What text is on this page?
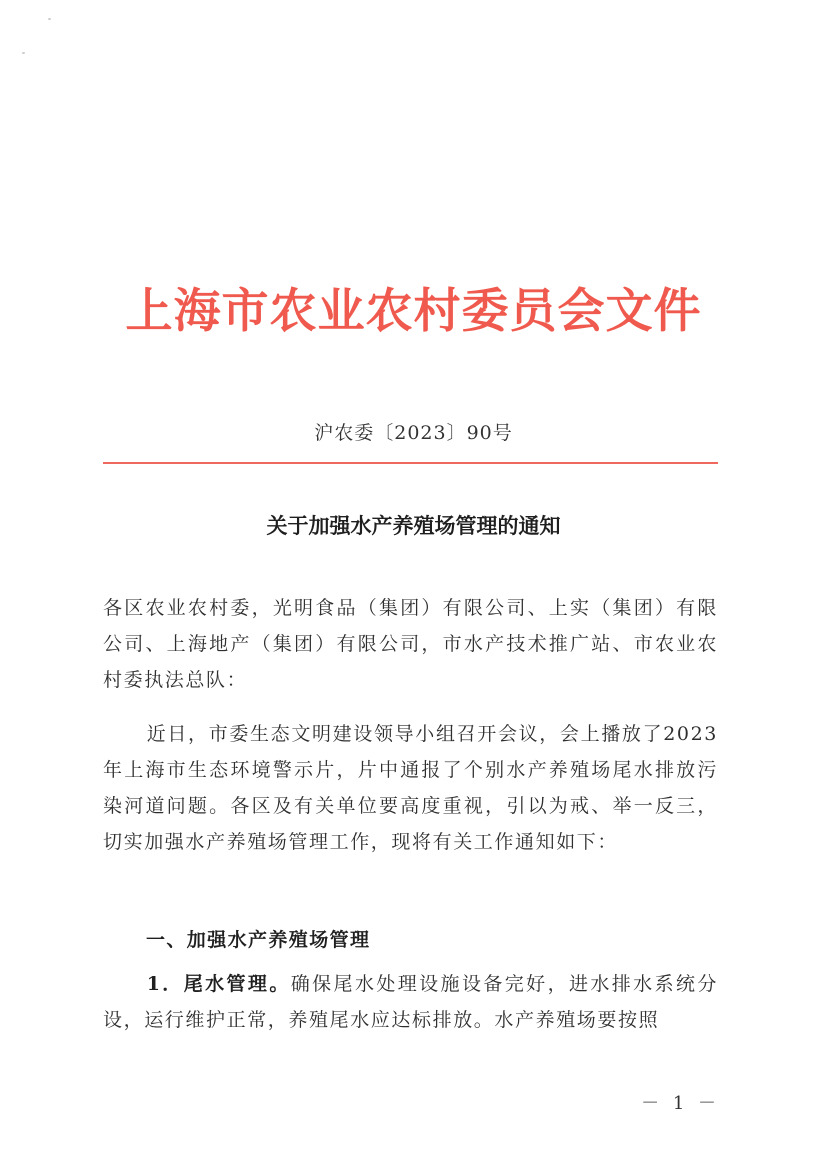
上海市农业农村委员会文件
沪农委〔2023〕90号
关于加强水产养殖场管理的通知

各区农业农村委，光明食品（集团）有限公司、上实（集团）有限公司、上海地产（集团）有限公司，市水产技术推广站、市农业农村委执法总队：

近日，市委生态文明建设领导小组召开会议，会上播放了2023年上海市生态环境警示片，片中通报了个别水产养殖场尾水排放污染河道问题。各区及有关单位要高度重视，引以为戒、举一反三，切实加强水产养殖场管理工作，现将有关工作通知如下：

一、加强水产养殖场管理

1．尾水管理。确保尾水处理设施设备完好，进水排水系统分设，运行维护正常，养殖尾水应达标排放。水产养殖场要按照

－ 1 －
